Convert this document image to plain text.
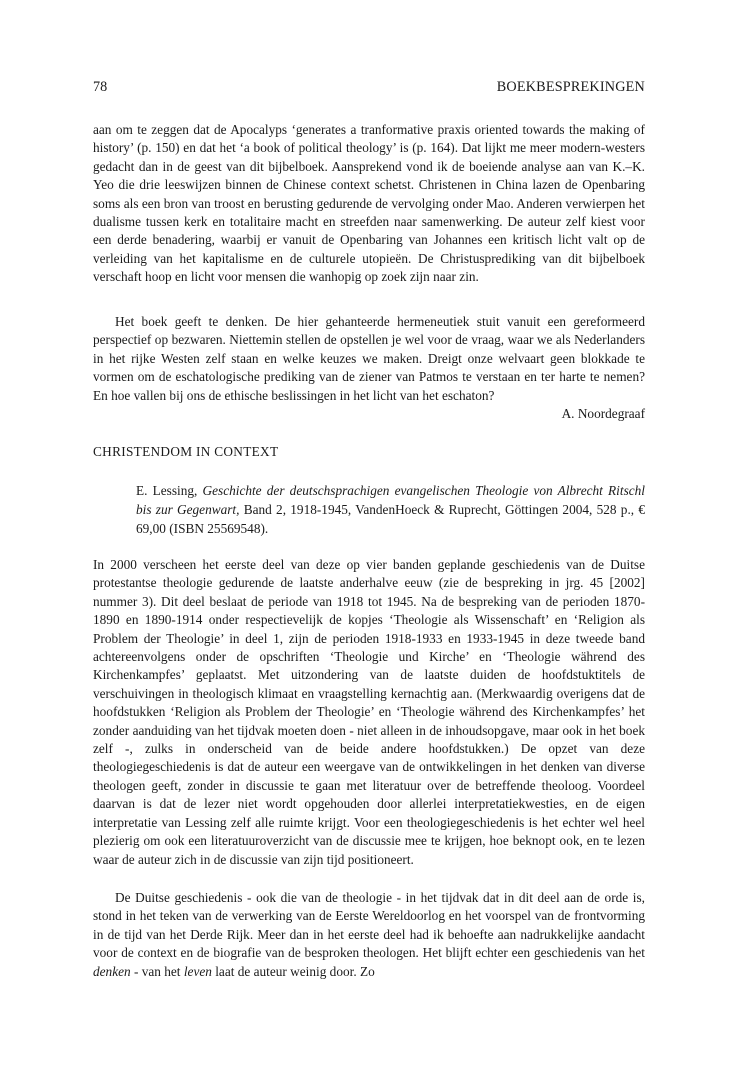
78	BOEKBESPREKINGEN

aan om te zeggen dat de Apocalyps ‘generates a tranformative praxis oriented towards the making of history’ (p. 150) en dat het ‘a book of political theology’ is (p. 164). Dat lijkt me meer modern-westers gedacht dan in de geest van dit bijbelboek. Aansprekend vond ik de boeiende analyse aan van K.–K. Yeo die drie leeswijzen binnen de Chinese context schetst. Christenen in China lazen de Openbaring soms als een bron van troost en berusting gedurende de vervolging onder Mao. Anderen verwierpen het dualisme tussen kerk en totalitaire macht en streefden naar samenwerking. De auteur zelf kiest voor een derde benadering, waarbij er vanuit de Openbaring van Johannes een kritisch licht valt op de verleiding van het kapitalisme en de culturele utopieën. De Christusprediking van dit bijbelboek verschaft hoop en licht voor mensen die wanhopig op zoek zijn naar zin.

Het boek geeft te denken. De hier gehanteerde hermeneutiek stuit vanuit een gereformeerd perspectief op bezwaren. Niettemin stellen de opstellen je wel voor de vraag, waar we als Nederlanders in het rijke Westen zelf staan en welke keuzes we maken. Dreigt onze welvaart geen blokkade te vormen om de eschatologische prediking van de ziener van Patmos te verstaan en ter harte te nemen? En hoe vallen bij ons de ethische beslissingen in het licht van het eschaton?

A. Noordegraaf
CHRISTENDOM IN CONTEXT

E. Lessing, Geschichte der deutschsprachigen evangelischen Theologie von Albrecht Ritschl bis zur Gegenwart, Band 2, 1918-1945, VandenHoeck & Ruprecht, Göttingen 2004, 528 p., € 69,00 (ISBN 25569548).

In 2000 verscheen het eerste deel van deze op vier banden geplande geschiedenis van de Duitse protestantse theologie gedurende de laatste anderhalve eeuw (zie de bespreking in jrg. 45 [2002] nummer 3). Dit deel beslaat de periode van 1918 tot 1945. Na de bespreking van de perioden 1870-1890 en 1890-1914 onder respectievelijk de kopjes ‘Theologie als Wissenschaft’ en ‘Religion als Problem der Theologie’ in deel 1, zijn de perioden 1918-1933 en 1933-1945 in deze tweede band achtereenvolgens onder de opschriften ‘Theologie und Kirche’ en ‘Theologie während des Kirchenkampfes’ geplaatst. Met uitzondering van de laatste duiden de hoofdstuktitels de verschuivingen in theologisch klimaat en vraagstelling kernachtig aan. (Merkwaardig overigens dat de hoofdstukken ‘Religion als Problem der Theologie’ en ‘Theologie während des Kirchenkampfes’ het zonder aanduiding van het tijdvak moeten doen - niet alleen in de inhoudsopgave, maar ook in het boek zelf -, zulks in onderscheid van de beide andere hoofdstukken.) De opzet van deze theologiegeschiedenis is dat de auteur een weergave van de ontwikkelingen in het denken van diverse theologen geeft, zonder in discussie te gaan met literatuur over de betreffende theoloog. Voordeel daarvan is dat de lezer niet wordt opgehouden door allerlei interpretatiekwesties, en de eigen interpretatie van Lessing zelf alle ruimte krijgt. Voor een theologiegeschiedenis is het echter wel heel plezierig om ook een literatuuroverzicht van de discussie mee te krijgen, hoe beknopt ook, en te lezen waar de auteur zich in de discussie van zijn tijd positioneert.

De Duitse geschiedenis - ook die van de theologie - in het tijdvak dat in dit deel aan de orde is, stond in het teken van de verwerking van de Eerste Wereldoorlog en het voorspel van de frontvorming in de tijd van het Derde Rijk. Meer dan in het eerste deel had ik behoefte aan nadrukkelijke aandacht voor de context en de biografie van de besproken theologen. Het blijft echter een geschiedenis van het denken - van het leven laat de auteur weinig door. Zo
